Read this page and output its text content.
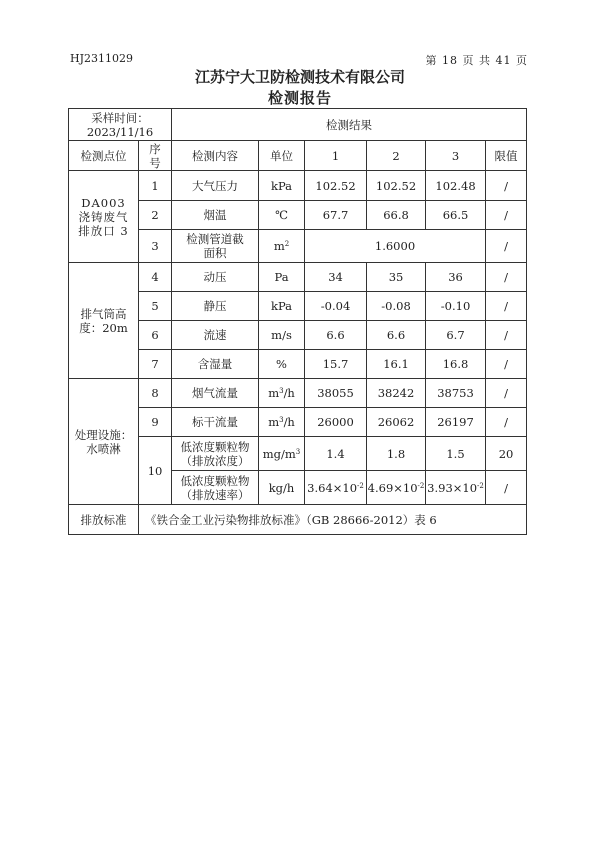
HJ2311029	第 18 页 共 41 页
江苏宁大卫防检测技术有限公司
检测报告
采样时间：
2023/11/16		检测结果					
检测点位	序号	检测内容	单位	1	2	3	限值
DA003 浇铸废气排放口 3	1	大气压力	kPa	102.52	102.52	102.48	/
	2	烟温	℃	67.7	66.8	66.5	/
	3	检测管道截面积	$m^2$	1.6000			/
排气筒高度：20m	4	动压	Pa	34	35	36	/
	5	静压	kPa	-0.04	-0.08	-0.10	/
	6	流速	m/s	6.6	6.6	6.7	/
	7	含湿量	%	15.7	16.1	16.8	/
处理设施：水喷淋	8	烟气流量	$m^3/h$	38055	38242	38753	/
	9	标干流量	$m^3/h$	26000	26062	26197	/
	10	低浓度颗粒物（排放浓度）	$mg/m^3$	1.4	1.8	1.5	20
		低浓度颗粒物（排放速率）	kg/h	$3.64\times 10^{-2}$	$4.69\times 10^{-2}$	$3.93\times 10^{-2}$	/
排放标准	《铁合金工业污染物排放标准》（GB 28666-2012）表 6						
